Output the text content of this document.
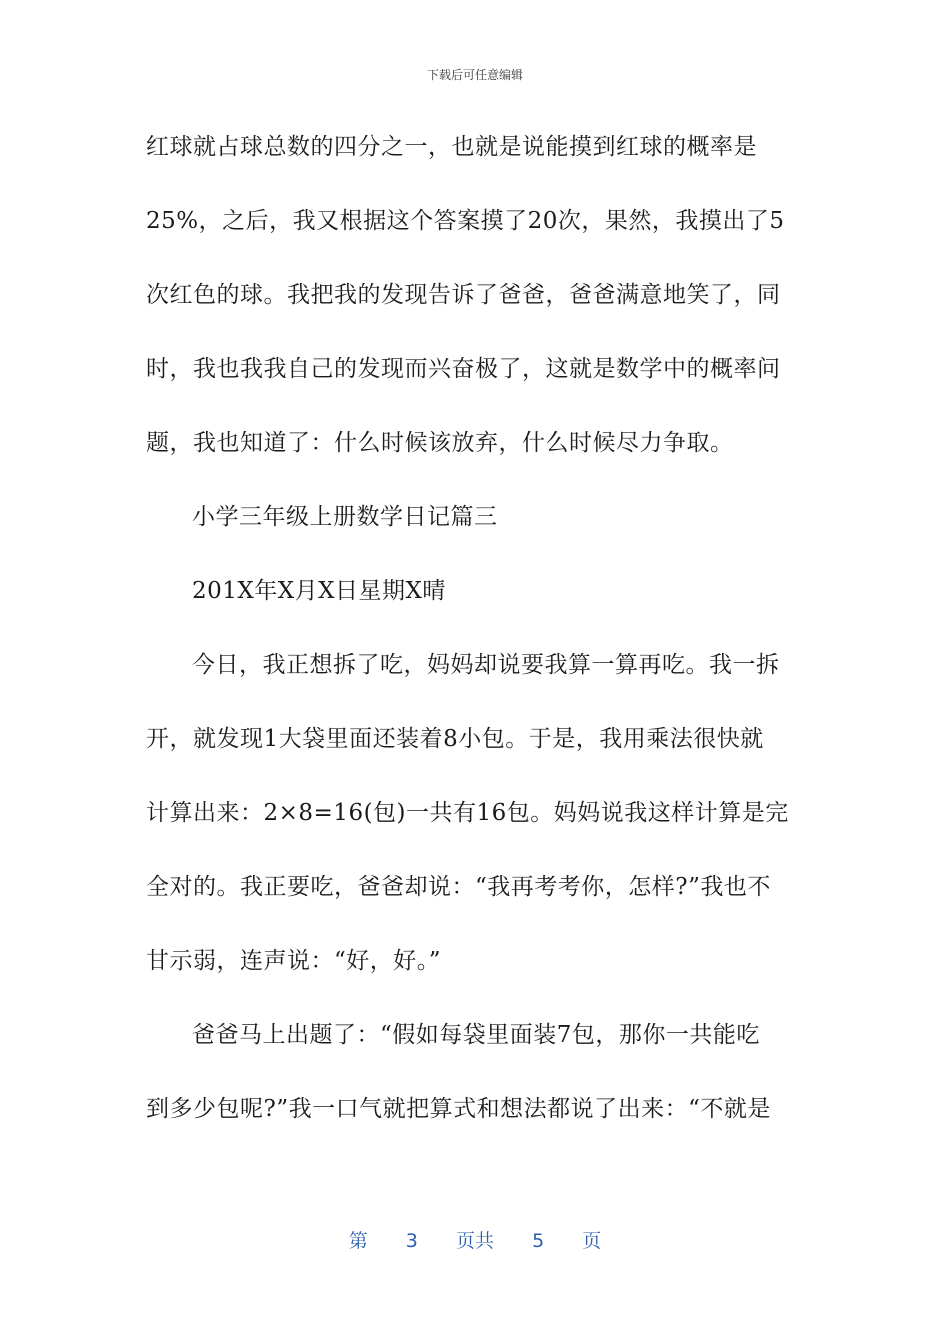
下载后可任意编辑
红球就占球总数的四分之一，也就是说能摸到红球的概率是
25%，之后，我又根据这个答案摸了20次，果然，我摸出了5
次红色的球。我把我的发现告诉了爸爸，爸爸满意地笑了，同
时，我也我我自己的发现而兴奋极了，这就是数学中的概率问
题，我也知道了：什么时候该放弃，什么时候尽力争取。
小学三年级上册数学日记篇三
201X年X月X日星期X晴
今日，我正想拆了吃，妈妈却说要我算一算再吃。我一拆
开，就发现1大袋里面还装着8小包。于是，我用乘法很快就
计算出来：2×8=16(包)一共有16包。妈妈说我这样计算是完
全对的。我正要吃，爸爸却说：“我再考考你，怎样?”我也不
甘示弱，连声说：“好，好。”
爸爸马上出题了：“假如每袋里面装7包，那你一共能吃
到多少包呢?”我一口气就把算式和想法都说了出来：“不就是
第 3 页共 5 页
